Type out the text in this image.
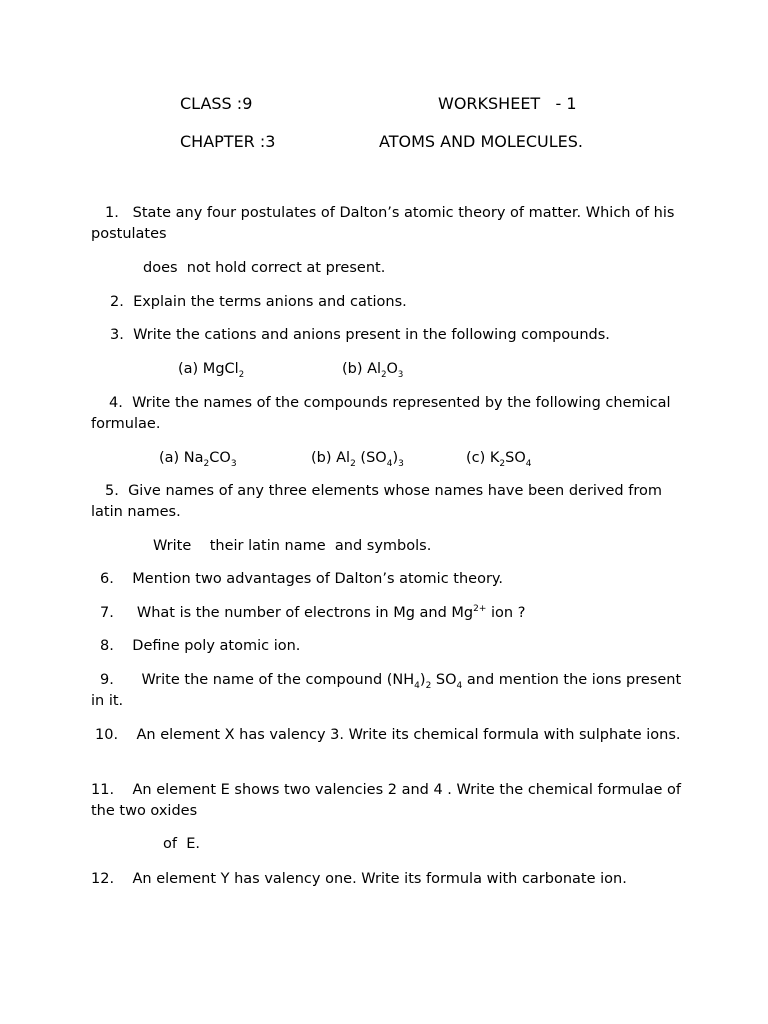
CLASS :9	WORKSHEET   - 1
CHAPTER :3	ATOMS AND MOLECULES.
1. State any four postulates of Dalton’s atomic theory of matter. Which of his postulates
does  not hold correct at present.
2. Explain the terms anions and cations.
3. Write the cations and anions present in the following compounds.
(a) MgCl$_2$	(b) $Al_2O_3$
4. Write the names of the compounds represented by the following chemical formulae.
(a) $Na_2CO_3$	(b) $Al_2$ $(SO_4)_3$	(c) $K_2SO_4$
5. Give names of any three elements whose names have been derived from latin names.
Write    their latin name  and symbols.
6. Mention two advantages of Dalton’s atomic theory.
7. What is the number of electrons in Mg and $Mg^{2+}$ ion ?
8. Define poly atomic ion.
9. Write the name of the compound $(NH_4)_2$ $SO_4$ and mention the ions present in it.
10. An element X has valency 3. Write its chemical formula with sulphate ions.
11. An element E shows two valencies 2 and 4 . Write the chemical formulae of the two oxides
of  E.
12. An element Y has valency one. Write its formula with carbonate ion.
